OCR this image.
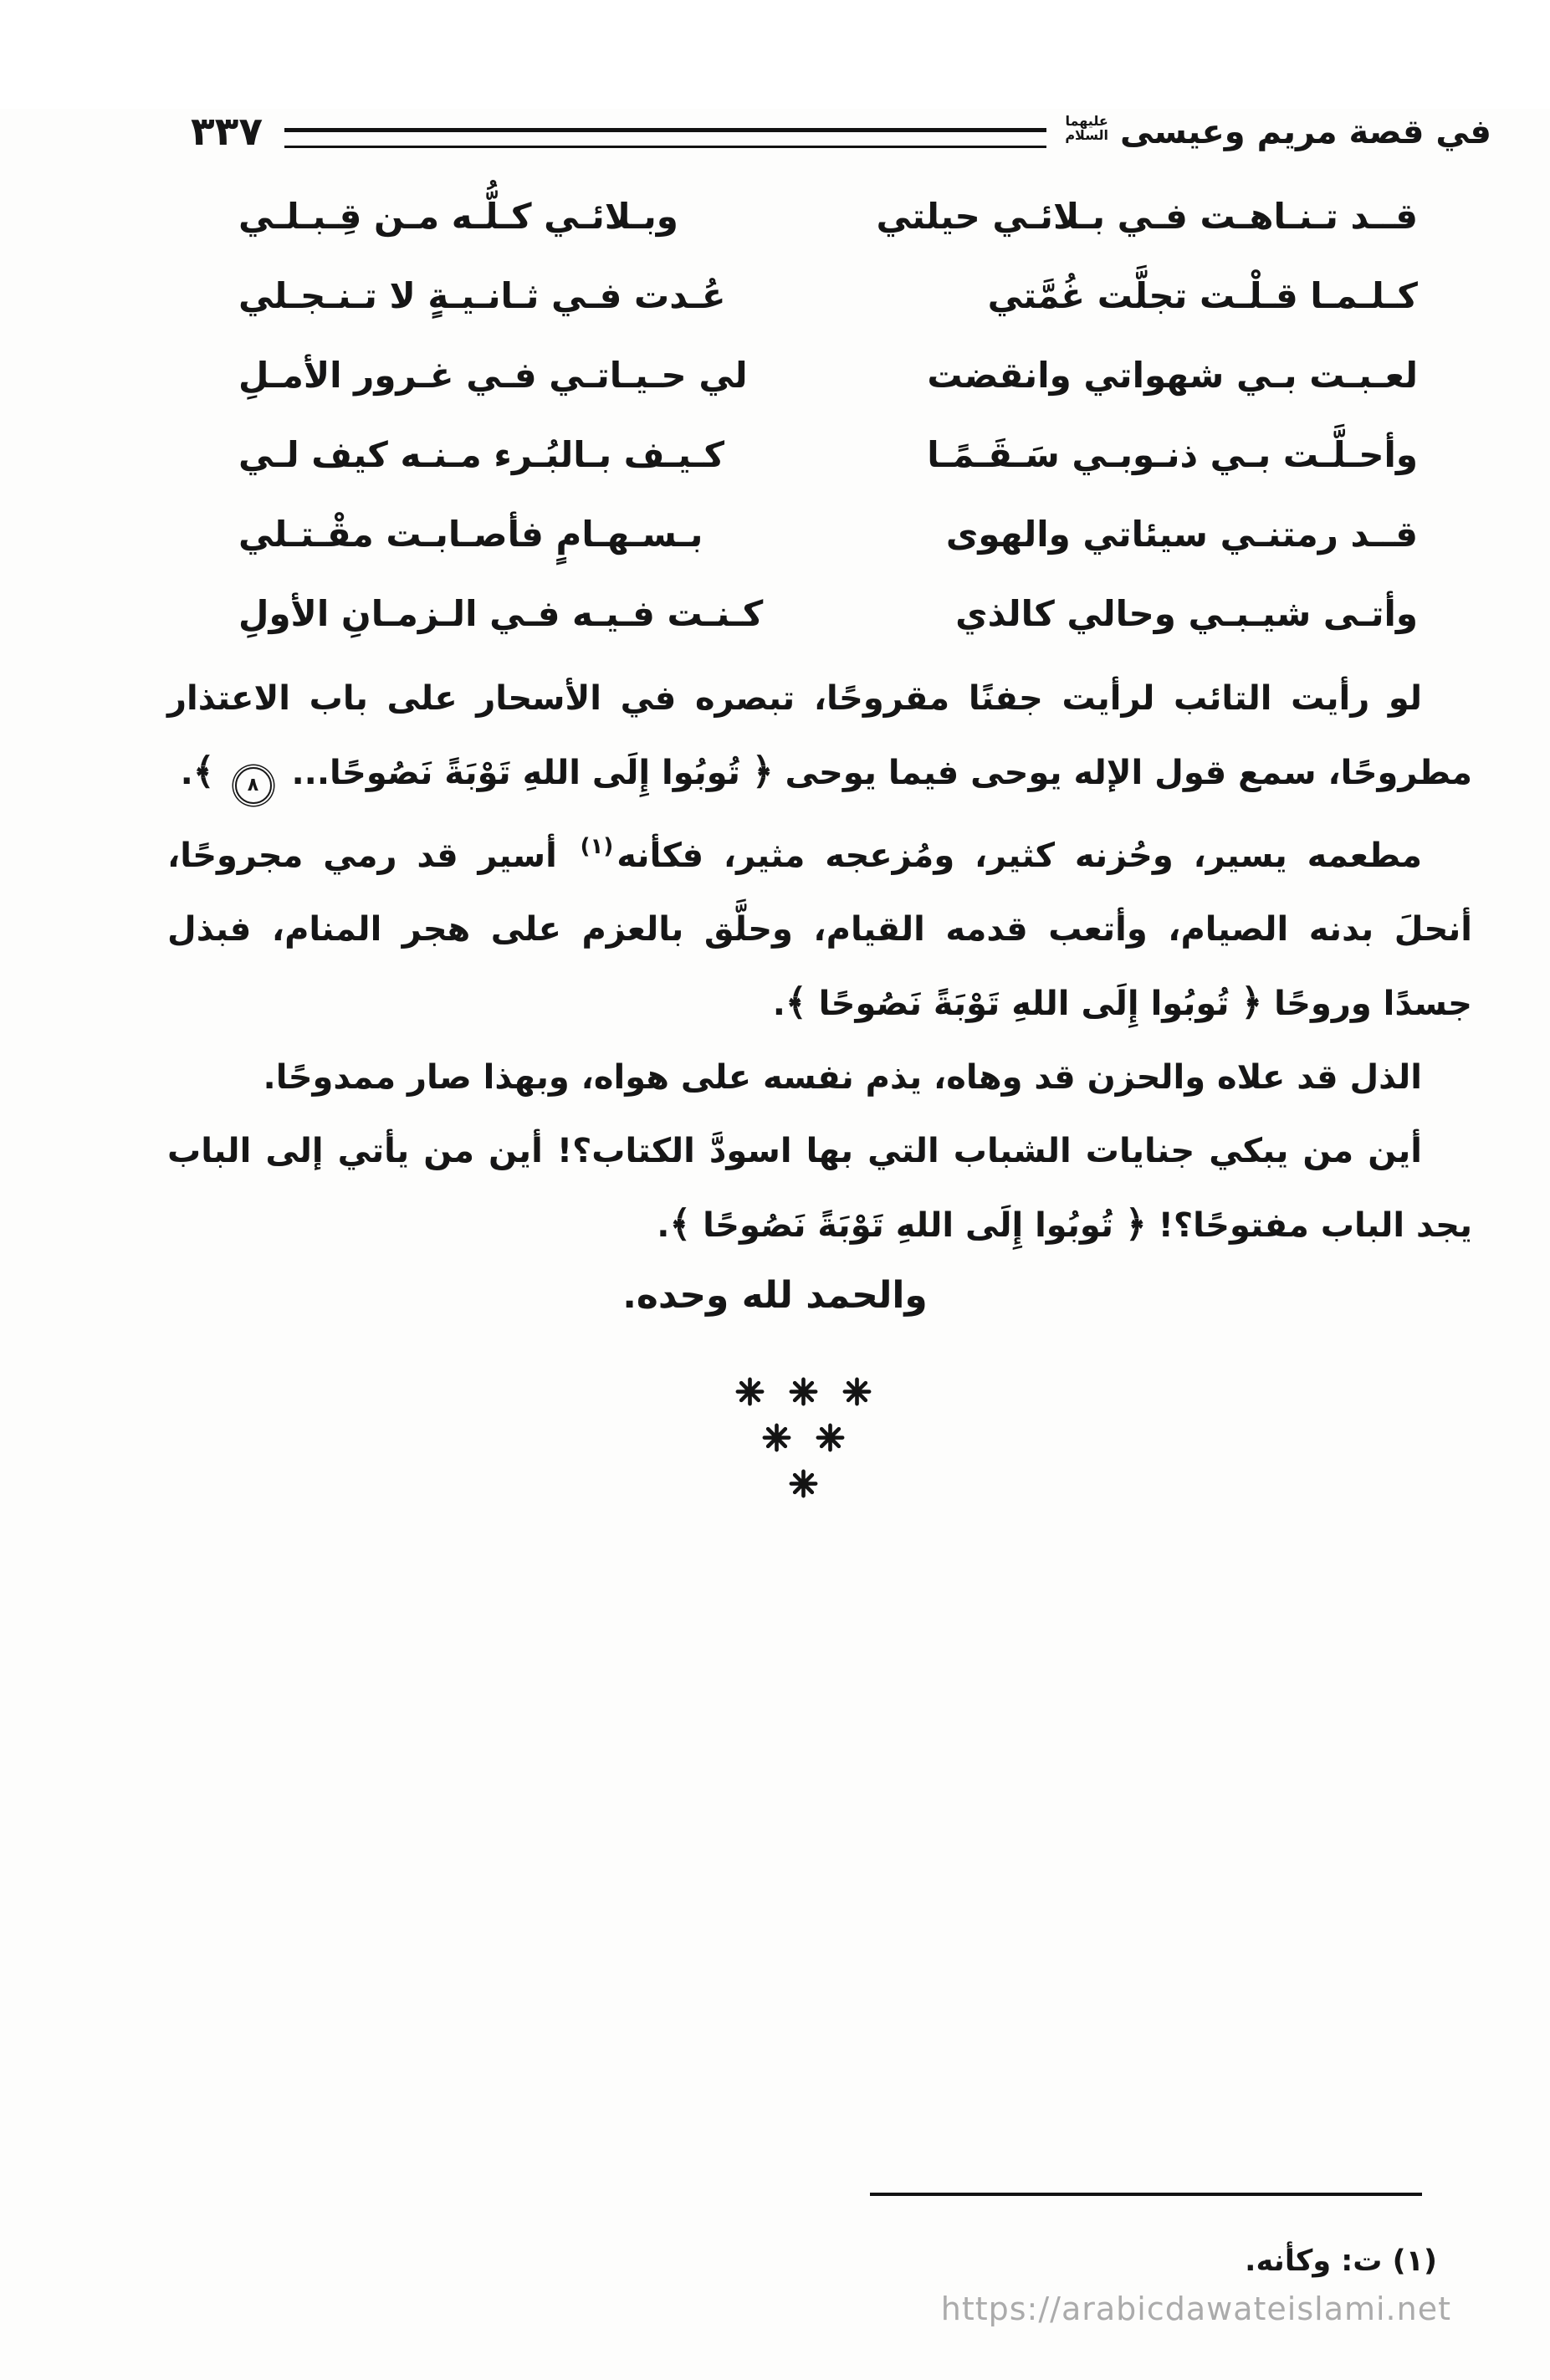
٣٣٧	في قصة مريم وعيسى
عليهما
السلام
قــد تـنـاهـت فـي بـلائـي حيلتي
وبـلائـي كـلُّـه مـن قِـبـلـي
كـلـمـا قـلْـت تجلَّت غُمَّتي
عُـدت فـي ثـانـيـةٍ لا تـنـجـلي
لعـبـت بـي شهواتي وانقضت
لي حـيـاتـي فـي غـرور الأمـلِ
وأحـلَّـت بـي ذنـوبـي سَـقَـمًـا
كـيـف بـالبُـرء مـنـه كيف لـي
قــد رمتنـي سيئاتي والهوى
بـسـهـامٍ فأصـابـت مقْـتـلي
وأتـى شيـبـي وحالي كالذي
كـنـت فـيـه فـي الـزمـانِ الأولِ

لو رأيت التائب لرأيت جفنًا مقروحًا، تبصره في الأسحار على باب الاعتذار مطروحًا، سمع قول الإله يوحى فيما يوحى ﴿ تُوبُوا إِلَى اللهِ تَوْبَةً نَصُوحًا... ٨ ﴾.

مطعمه يسير، وحُزنه كثير، ومُزعجه مثير، فكأنه$^{(١)}$ أسير قد رمي مجروحًا، أنحلَ بدنه الصيام، وأتعب قدمه القيام، وحلَّق بالعزم على هجر المنام، فبذل جسدًا وروحًا ﴿ تُوبُوا إِلَى اللهِ تَوْبَةً نَصُوحًا ﴾.

الذل قد علاه والحزن قد وهاه، يذم نفسه على هواه، وبهذا صار ممدوحًا.

أين من يبكي جنايات الشباب التي بها اسودَّ الكتاب؟! أين من يأتي إلى الباب يجد الباب مفتوحًا؟! ﴿ تُوبُوا إِلَى اللهِ تَوْبَةً نَصُوحًا ﴾.

والحمد لله وحده.

(١) ت: وكأنه.

https://arabicdawateislami.net
